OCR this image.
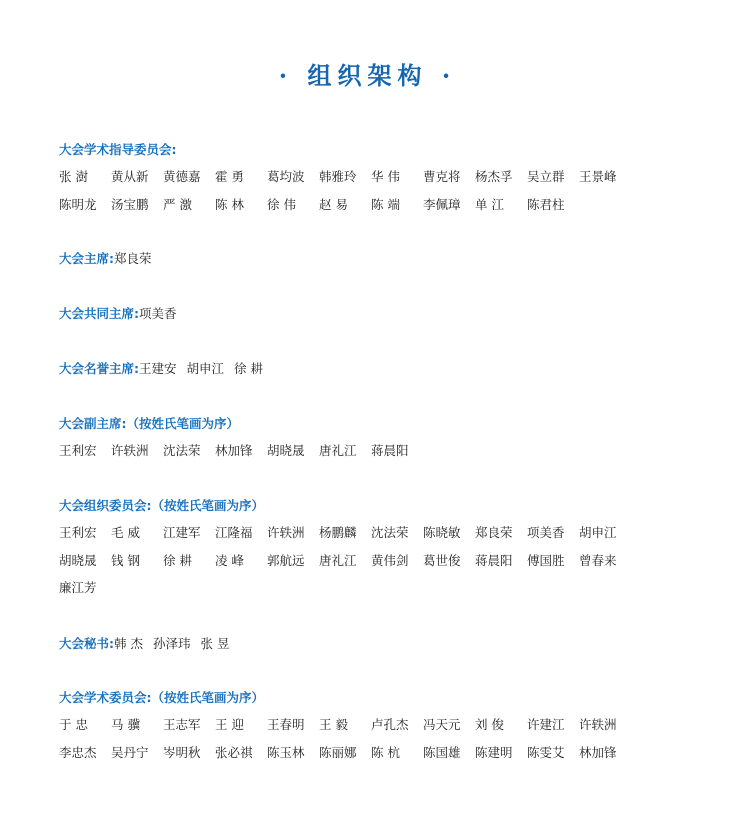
· 组织架构 ·
大会学术指导委员会:
张 澍	黄从新	黄德嘉	霍 勇	葛均波	韩雅玲	华 伟	曹克将	杨杰孚	吴立群	王景峰
陈明龙	汤宝鹏	严 激	陈 林	徐 伟	赵 易	陈 端	李佩璋	单 江	陈君柱
大会主席:郑良荣
大会共同主席:项美香
大会名誉主席:王建安 胡申江 徐 耕
大会副主席:（按姓氏笔画为序）
王利宏	许轶洲	沈法荣	林加锋	胡晓晟	唐礼江	蒋晨阳
大会组织委员会:（按姓氏笔画为序）
王利宏	毛 威	江建军	江隆福	许轶洲	杨鹏麟	沈法荣	陈晓敏	郑良荣	项美香	胡申江
胡晓晟	钱 钢	徐 耕	凌 峰	郭航远	唐礼江	黄伟剑	葛世俊	蒋晨阳	傅国胜	曾春来
廉江芳
大会秘书:韩 杰 孙泽玮 张 昱
大会学术委员会:（按姓氏笔画为序）
于 忠	马 骥	王志军	王 迎	王春明	王 毅	卢孔杰	冯天元	刘 俊	许建江	许轶洲
李忠杰	吴丹宁	岑明秋	张必祺	陈玉林	陈丽娜	陈 杭	陈国雄	陈建明	陈雯艾	林加锋
